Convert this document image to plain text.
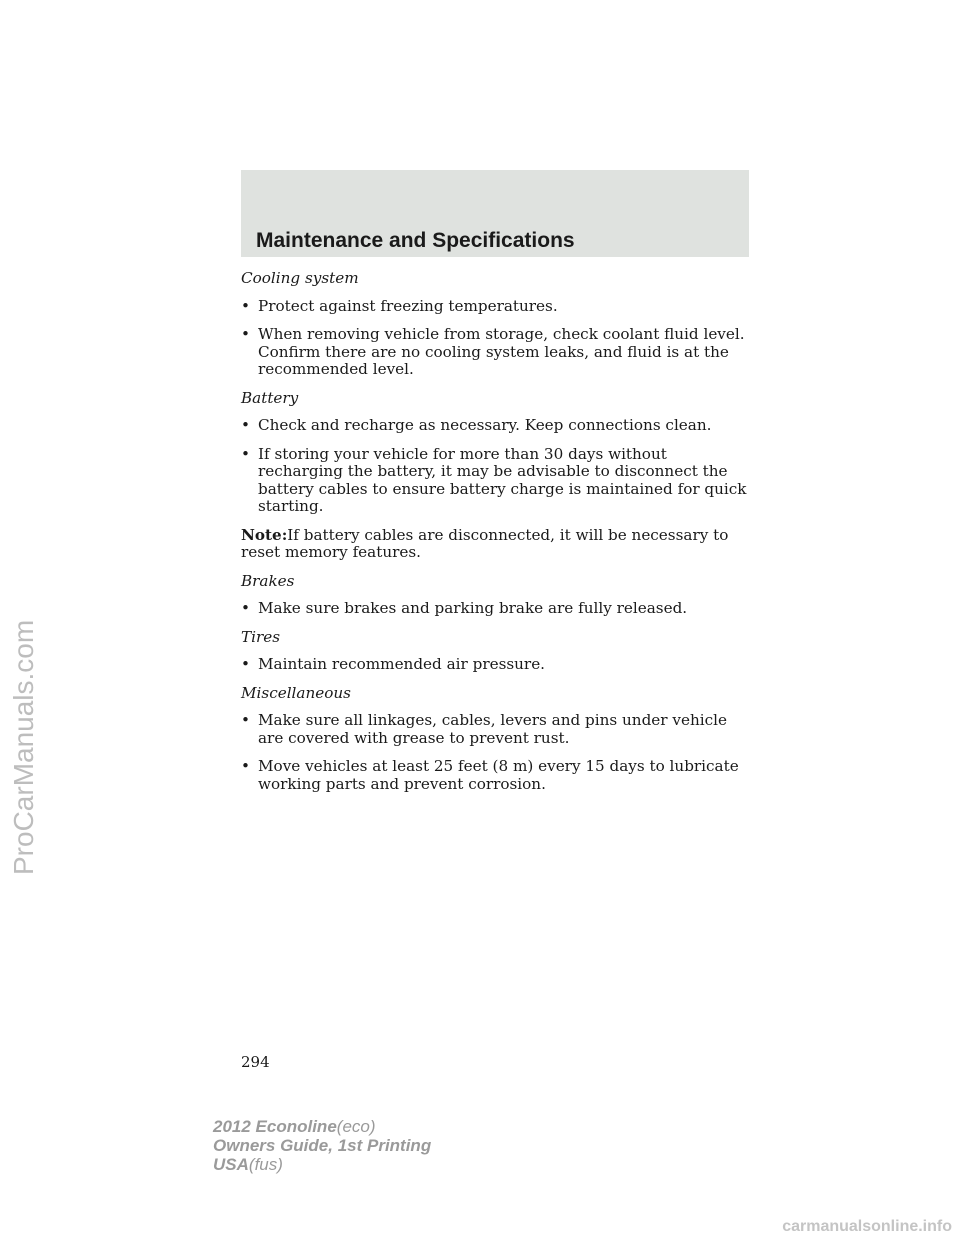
Maintenance and Specifications

Cooling system

• Protect against freezing temperatures.
• When removing vehicle from storage, check coolant fluid level. Confirm there are no cooling system leaks, and fluid is at the recommended level.

Battery

• Check and recharge as necessary. Keep connections clean.
• If storing your vehicle for more than 30 days without recharging the battery, it may be advisable to disconnect the battery cables to ensure battery charge is maintained for quick starting.

Note:If battery cables are disconnected, it will be necessary to reset memory features.

Brakes

• Make sure brakes and parking brake are fully released.

Tires

• Maintain recommended air pressure.

Miscellaneous

• Make sure all linkages, cables, levers and pins under vehicle are covered with grease to prevent rust.
• Move vehicles at least 25 feet (8 m) every 15 days to lubricate working parts and prevent corrosion.
294
2012 Econoline(eco)
Owners Guide, 1st Printing
USA(fus)
ProCarManuals.com
carmanualsonline.info
